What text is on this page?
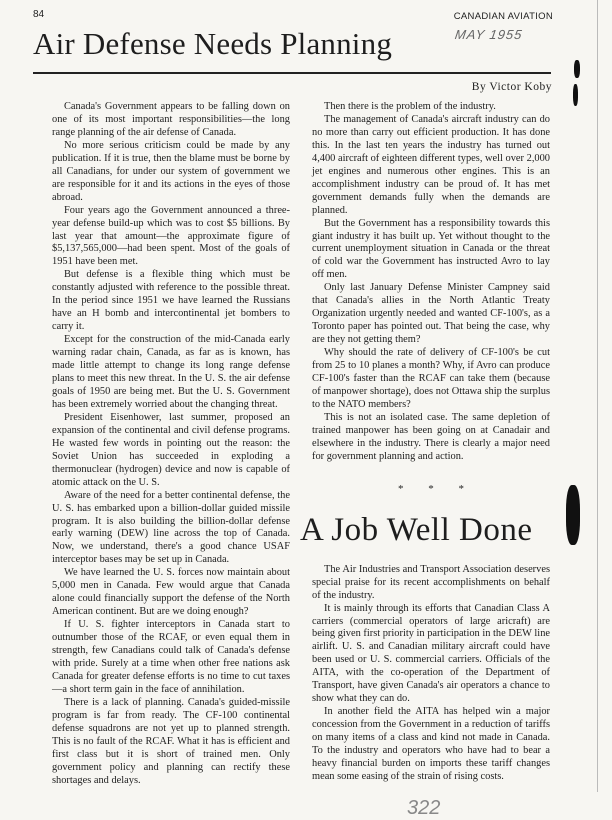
84	CANADIAN AVIATION
MAY 1955
Air Defense Needs Planning
By Victor Koby

Canada's Government appears to be falling down on one of its most important responsibilities—the long range planning of the air defense of Canada.

No more serious criticism could be made by any publication. If it is true, then the blame must be borne by all Canadians, for under our system of government we are responsible for it and its actions in the eyes of those abroad.

Four years ago the Government announced a three-year defense build-up which was to cost $5 billions. By last year that amount—the approximate figure of $5,137,565,000—had been spent. Most of the goals of 1951 have been met.

But defense is a flexible thing which must be constantly adjusted with reference to the possible threat. In the period since 1951 we have learned the Russians have an H bomb and intercontinental jet bombers to carry it.

Except for the construction of the mid-Canada early warning radar chain, Canada, as far as is known, has made little attempt to change its long range defense plans to meet this new threat. In the U. S. the air defense goals of 1950 are being met. But the U. S. Government has been extremely worried about the changing threat.

President Eisenhower, last summer, proposed an expansion of the continental and civil defense programs. He wasted few words in pointing out the reason: the Soviet Union has succeeded in exploding a thermonuclear (hydrogen) device and now is capable of atomic attack on the U. S.

Aware of the need for a better continental defense, the U. S. has embarked upon a billion-dollar guided missile program. It is also building the billion-dollar defense early warning (DEW) line across the top of Canada. Now, we understand, there's a good chance USAF interceptor bases may be set up in Canada.

We have learned the U. S. forces now maintain about 5,000 men in Canada. Few would argue that Canada alone could financially support the defense of the North American continent. But are we doing enough?

If U. S. fighter interceptors in Canada start to outnumber those of the RCAF, or even equal them in strength, few Canadians could talk of Canada's defense with pride. Surely at a time when other free nations ask Canada for greater defense efforts is no time to cut taxes—a short term gain in the face of annihilation.

There is a lack of planning. Canada's guided-missile program is far from ready. The CF-100 continental defense squadrons are not yet up to planned strength. This is no fault of the RCAF. What it has is efficient and first class but it is short of trained men. Only government policy and planning can rectify these shortages and delays.

Then there is the problem of the industry.

The management of Canada's aircraft industry can do no more than carry out efficient production. It has done this. In the last ten years the industry has turned out 4,400 aircraft of eighteen different types, well over 2,000 jet engines and numerous other engines. This is an accomplishment industry can be proud of. It has met government demands fully when the demands are planned.

But the Government has a responsibility towards this giant industry it has built up. Yet without thought to the current unemployment situation in Canada or the threat of cold war the Government has instructed Avro to lay off men.

Only last January Defense Minister Campney said that Canada's allies in the North Atlantic Treaty Organization urgently needed and wanted CF-100's, as a Toronto paper has pointed out. That being the case, why are they not getting them?

Why should the rate of delivery of CF-100's be cut from 25 to 10 planes a month? Why, if Avro can produce CF-100's faster than the RCAF can take them (because of manpower shortage), does not Ottawa ship the surplus to the NATO members?

This is not an isolated case. The same depletion of trained manpower has been going on at Canadair and elsewhere in the industry. There is clearly a major need for government planning and action.

* * *
A Job Well Done

The Air Industries and Transport Association deserves special praise for its recent accomplishments on behalf of the industry.

It is mainly through its efforts that Canadian Class A carriers (commercial operators of large aricraft) are being given first priority in participation in the DEW line airlift. U. S. and Canadian military aircraft could have been used or U. S. commercial carriers. Officials of the AITA, with the co-operation of the Department of Transport, have given Canada's air operators a chance to show what they can do.

In another field the AITA has helped win a major concession from the Government in a reduction of tariffs on many items of a class and kind not made in Canada. To the industry and operators who have had to bear a heavy financial burden on imports these tariff changes mean some easing of the strain of rising costs.

322
